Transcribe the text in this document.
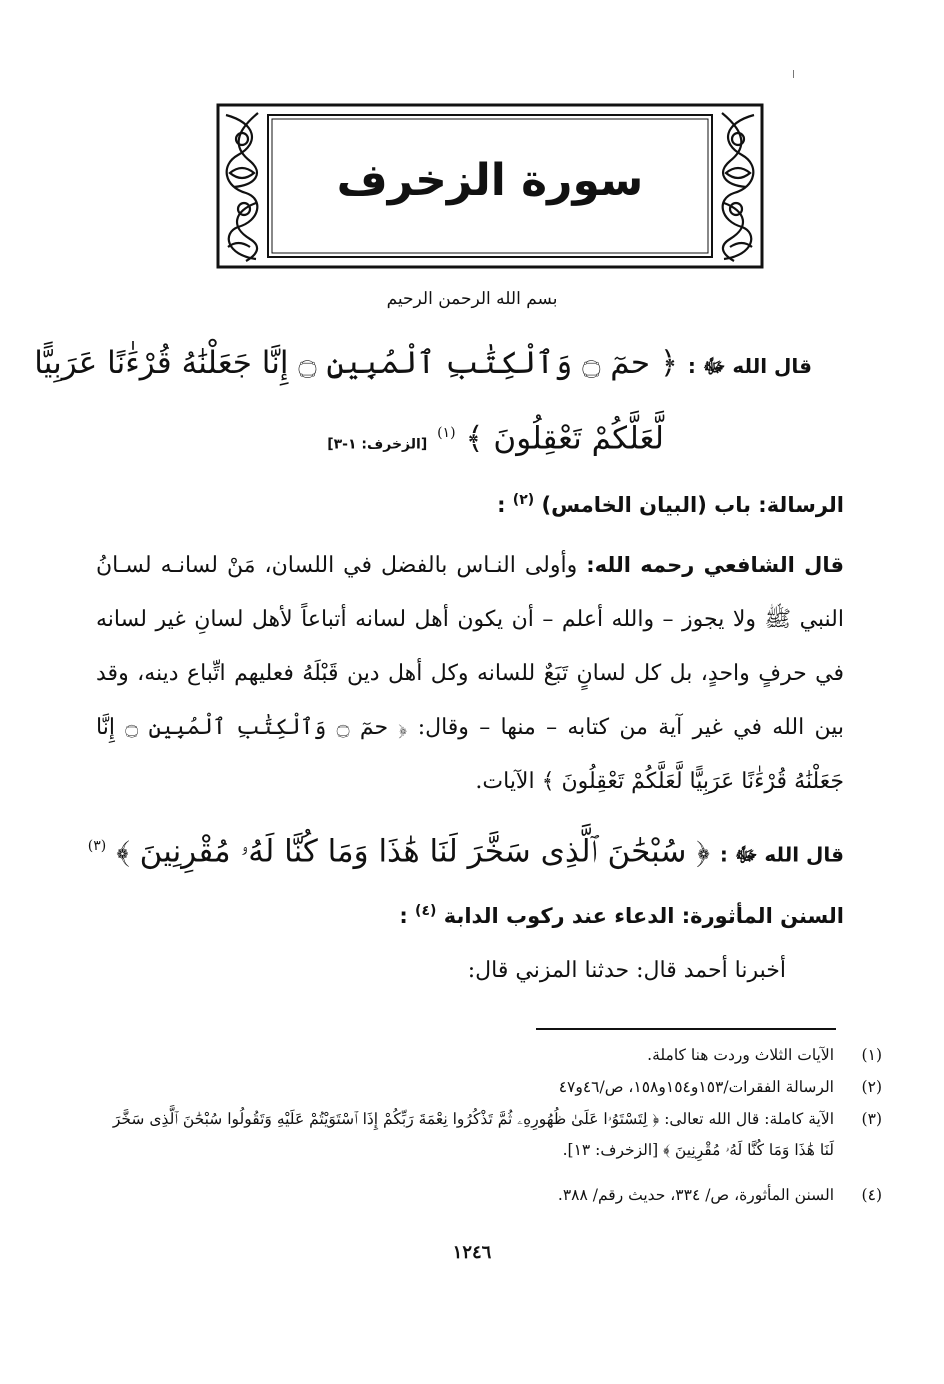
سورة الزخرف
بسم الله الرحمن الرحيم
قال الله ﷻ : ﴿ حمٓ ۝ وَٱلْكِتَٰبِ ٱلْمُبِينِ ۝ إِنَّا جَعَلْنَٰهُ قُرْءَٰنًا عَرَبِيًّا
لَّعَلَّكُمْ تَعْقِلُونَ ﴾ $^{(١)}$ [الزخرف: ١-٣]
الرسالة: باب (البيان الخامس) $^{(٢)}$ :
قال الشافعي رحمه الله: وأولى النـاس بالفضل في اللسان، مَنْ لسانـه لسـانُ النبي ﷺ ولا يجوز – والله أعلم – أن يكون أهل لسانه أتباعاً لأهل لسانِ غير لسانه في حرفٍ واحدٍ، بل كل لسانٍ تَبَعٌ للسانه وكل أهل دين قَبْلَهُ فعليهم اتِّباع دينه، وقد بين الله في غير آية من كتابه – منها – وقال: ﴿ حمٓ ۝ وَٱلْكِتَٰبِ ٱلْمُبِينِ ۝ إِنَّا جَعَلْنَٰهُ قُرْءَٰنًا عَرَبِيًّا لَّعَلَّكُمْ تَعْقِلُونَ ﴾ الآيات.
قال الله ﷻ : ﴿ سُبْحَٰنَ ٱلَّذِى سَخَّرَ لَنَا هَٰذَا وَمَا كُنَّا لَهُۥ مُقْرِنِينَ ﴾ $^{(٣)}$
السنن المأثورة: الدعاء عند ركوب الدابة $^{(٤)}$ :
أخبرنا أحمد قال: حدثنا المزني قال:
(١)
الآيات الثلاث وردت هنا كاملة.
(٢)
الرسالة الفقرات/١٥٣و١٥٤و١٥٨، ص/٤٦و٤٧
(٣)
الآية كاملة: قال الله تعالى: ﴿ لِتَسْتَوُۥا عَلَىٰ ظُهُورِهِۦ ثُمَّ تَذْكُرُوا نِعْمَةَ رَبِّكُمْ إِذَا ٱسْتَوَيْتُمْ عَلَيْهِ وَتَقُولُوا سُبْحَٰنَ ٱلَّذِى سَخَّرَ لَنَا هَٰذَا وَمَا كُنَّا لَهُۥ مُقْرِنِينَ ﴾ [الزخرف: ١٣].
(٤)
السنن المأثورة، ص/ ٣٣٤، حديث رقم/ ٣٨٨.
١٢٤٦
